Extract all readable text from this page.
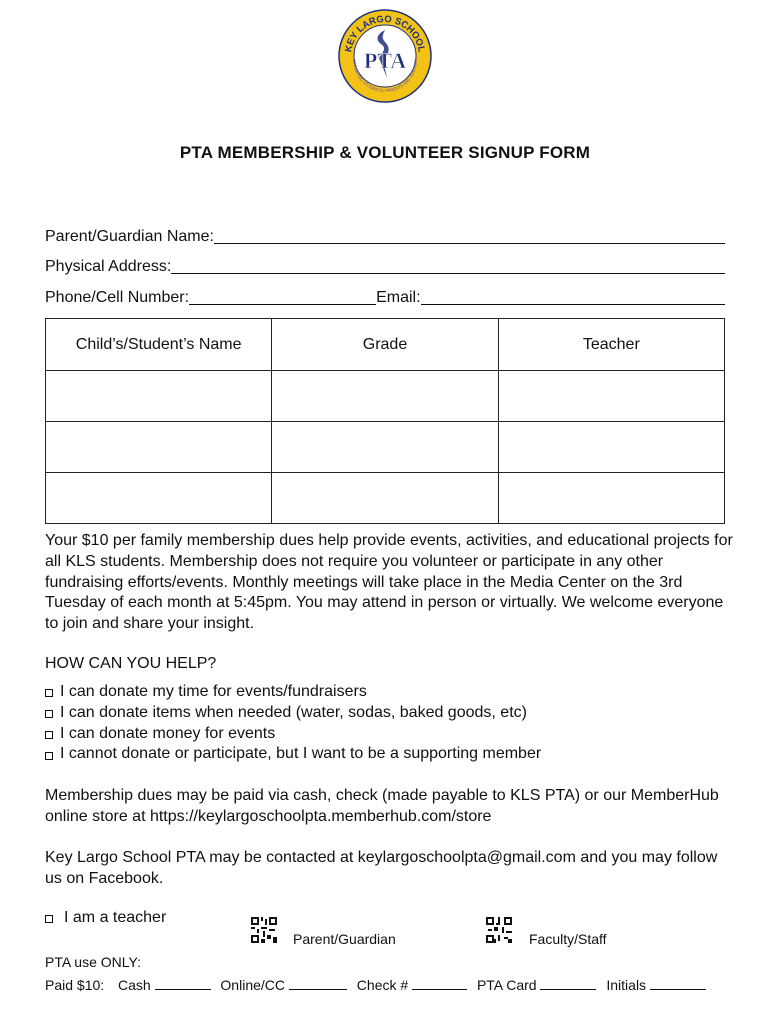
KEY LARGO SCHOOL
UPPORTING STUDENTS, PARENTS AND TEACHER
PTA
PTA MEMBERSHIP & VOLUNTEER SIGNUP FORM
Parent/Guardian Name:
Physical Address:
Phone/Cell Number:	Email:
Child’s/Student’s Name	Grade	Teacher

Your $10 per family membership dues help provide events, activities, and educational projects for all KLS students. Membership does not require you volunteer or participate in any other fundraising efforts/events. Monthly meetings will take place in the Media Center on the 3rd Tuesday of each month at 5:45pm. You may attend in person or virtually. We welcome everyone to join and share your insight.

HOW CAN YOU HELP?
I can donate my time for events/fundraisers
I can donate items when needed (water, sodas, baked goods, etc)
I can donate money for events
I cannot donate or participate, but I want to be a supporting member

Membership dues may be paid via cash, check (made payable to KLS PTA) or our MemberHub online store at https://keylargoschoolpta.memberhub.com/store

Key Largo School PTA may be contacted at keylargoschoolpta@gmail.com and you may follow us on Facebook.

I am a teacher
Parent/Guardian	Faculty/Staff
PTA use ONLY:
Paid $10: Cash	Online/CC	Check #	PTA Card	Initials
